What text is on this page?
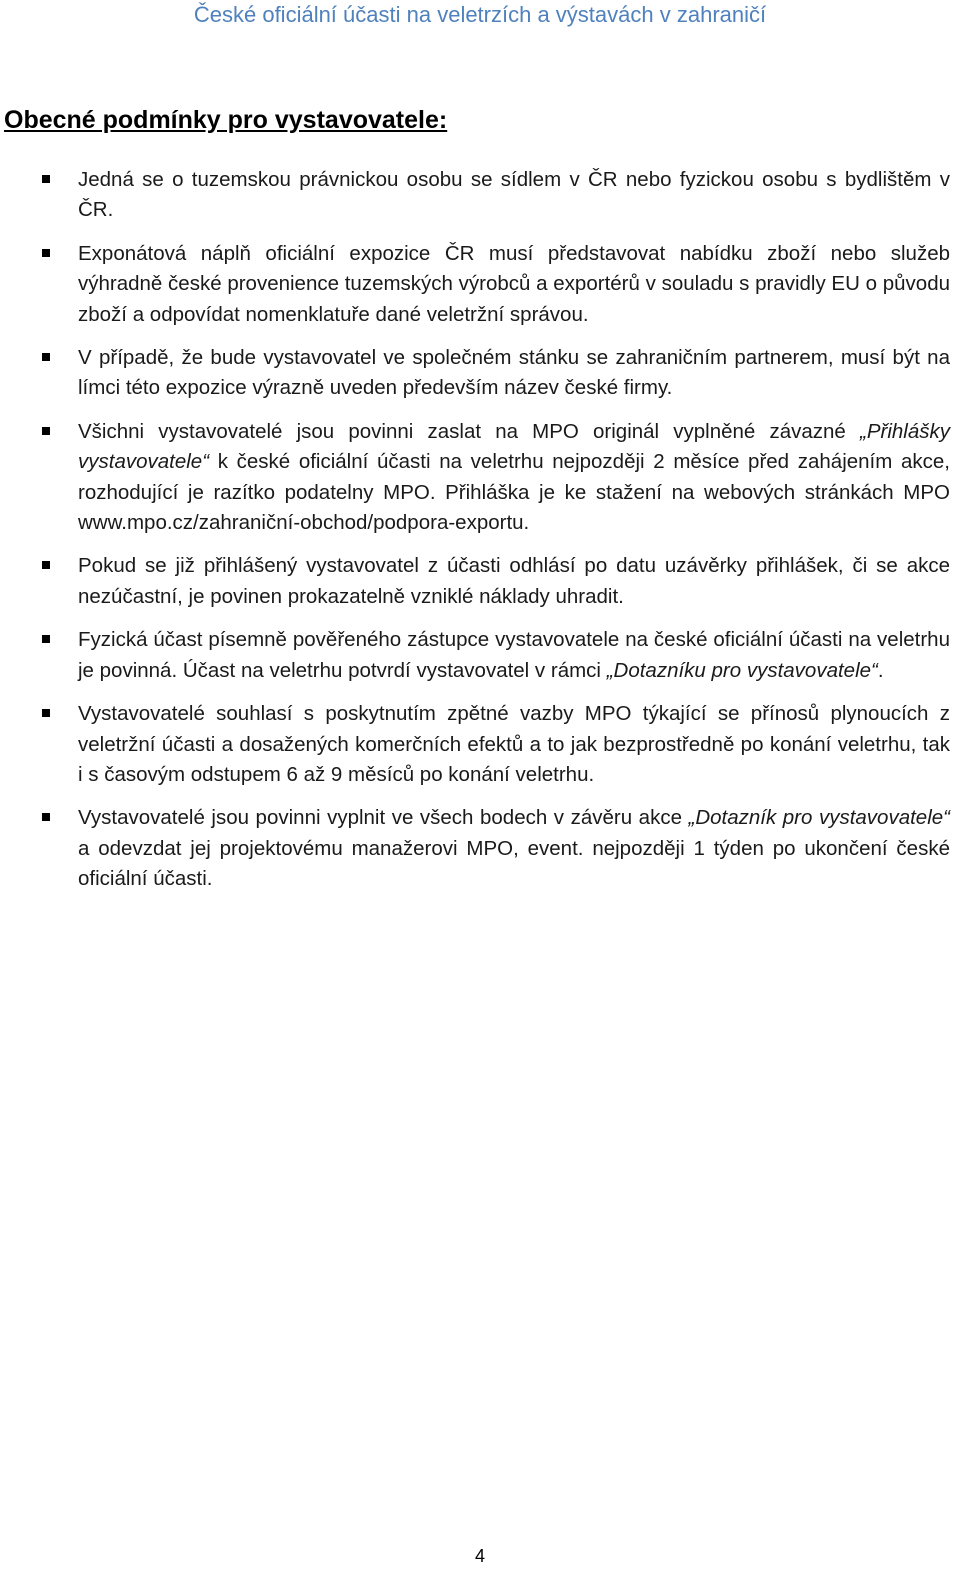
České oficiální účasti na veletrzích a výstavách v zahraničí
Obecné podmínky pro vystavovatele:
Jedná se o tuzemskou právnickou osobu se sídlem v ČR nebo fyzickou osobu s bydlištěm v ČR.
Exponátová náplň oficiální expozice ČR musí představovat nabídku zboží nebo služeb výhradně české provenience tuzemských výrobců a exportérů v souladu s pravidly EU o původu zboží a odpovídat nomenklatuře dané veletržní správou.
V případě, že bude vystavovatel ve společném stánku se zahraničním partnerem, musí být na límci této expozice výrazně uveden především název české firmy.
Všichni vystavovatelé jsou povinni zaslat na MPO originál vyplněné závazné „Přihlášky vystavovatele“ k české oficiální účasti na veletrhu nejpozději 2 měsíce před zahájením akce, rozhodující je razítko podatelny MPO. Přihláška je ke stažení na webových stránkách MPO www.mpo.cz/zahraniční-obchod/podpora-exportu.
Pokud se již přihlášený vystavovatel z účasti odhlásí po datu uzávěrky přihlášek, či se akce nezúčastní, je povinen prokazatelně vzniklé náklady uhradit.
Fyzická účast písemně pověřeného zástupce vystavovatele na české oficiální účasti na veletrhu je povinná. Účast na veletrhu potvrdí vystavovatel v rámci „Dotazníku pro vystavovatele“.
Vystavovatelé souhlasí s poskytnutím zpětné vazby MPO týkající se přínosů plynoucích z veletržní účasti a dosažených komerčních efektů a to jak bezprostředně po konání veletrhu, tak i s časovým odstupem 6 až 9 měsíců po konání veletrhu.
Vystavovatelé jsou povinni vyplnit ve všech bodech v závěru akce „Dotazník pro vystavovatele“ a odevzdat jej projektovému manažerovi MPO, event. nejpozději 1 týden po ukončení české oficiální účasti.
4
